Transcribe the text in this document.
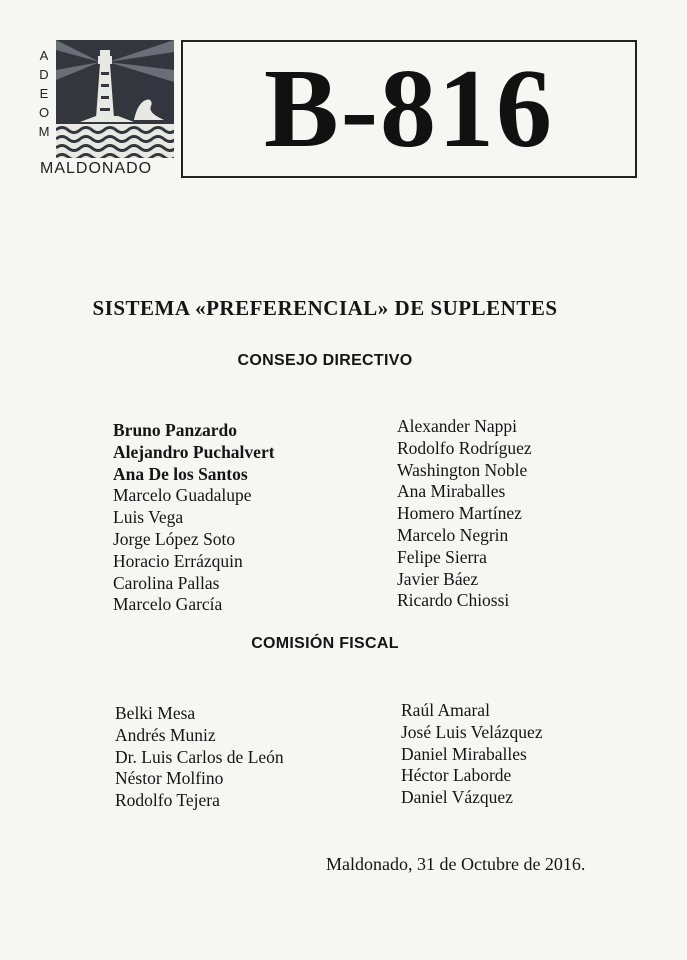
A
D
E
O
M
MALDONADO B-816
SISTEMA «PREFERENCIAL» DE SUPLENTES
CONSEJO DIRECTIVO
Bruno Panzardo
Alejandro Puchalvert
Ana De los Santos
Marcelo Guadalupe
Luis Vega
Jorge López Soto
Horacio Errázquin
Carolina Pallas
Marcelo García
Alexander Nappi
Rodolfo Rodríguez
Washington Noble
Ana Miraballes
Homero Martínez
Marcelo Negrin
Felipe Sierra
Javier Báez
Ricardo Chiossi
COMISIÓN FISCAL
Belki Mesa
Andrés Muniz
Dr. Luis Carlos de León
Néstor Molfino
Rodolfo Tejera
Raúl Amaral
José Luis Velázquez
Daniel Miraballes
Héctor Laborde
Daniel Vázquez
Maldonado, 31 de Octubre de 2016.
